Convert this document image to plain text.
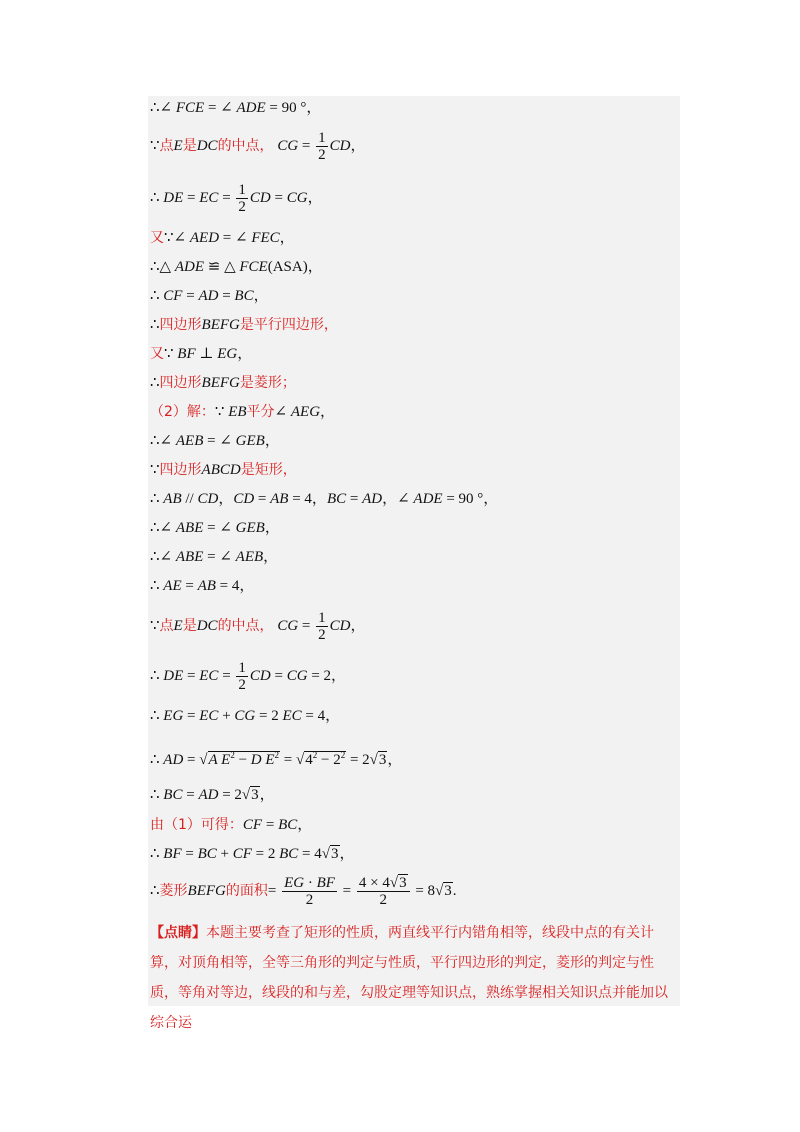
∴∠ FCE = ∠ ADE = 90 °，
∵点E是DC的中点， CG = $\frac{1}{2}$ CD，
∴ DE = EC = $\frac{1}{2}$ CD = CG，
又∵∠ AED = ∠ FEC，
∴△ ADE ≌ △ FCE(ASA)，
∴ CF = AD = BC，
∴四边形BEFG是平行四边形，
又∵ BF ⊥ EG，
∴四边形BEFG是菱形；
（2）解：∵ EB平分∠ AEG，
∴∠ AEB = ∠ GEB，
∵四边形ABCD是矩形，
∴ AB // CD，CD = AB = 4，BC = AD，∠ ADE = 90 °，
∴∠ ABE = ∠ GEB，
∴∠ ABE = ∠ AEB，
∴ AE = AB = 4，
∵点E是DC的中点， CG = $\frac{1}{2}$ CD，
∴ DE = EC = $\frac{1}{2}$ CD = CG = 2，
∴ EG = EC + CG = 2 EC = 4，
∴ AD = √A $E^2 - D$ $E^2 = √4^2 - 2^2 = 2√3$，
∴ BC = AD = 2√3，
由（1）可得：CF = BC，
∴ BF = BC + CF = 2 BC = 4√3，
∴菱形BEFG的面积= $\frac{EG \cdot BF}{2} = \frac{4 \times 4√3}{2} = 8√3$.
【点睛】本题主要考查了矩形的性质，两直线平行内错角相等，线段中点的有关计算，对顶角相等，全等三角形的判定与性质，平行四边形的判定，菱形的判定与性质，等角对等边，线段的和与差，勾股定理等知识点，熟练掌握相关知识点并能加以综合运
